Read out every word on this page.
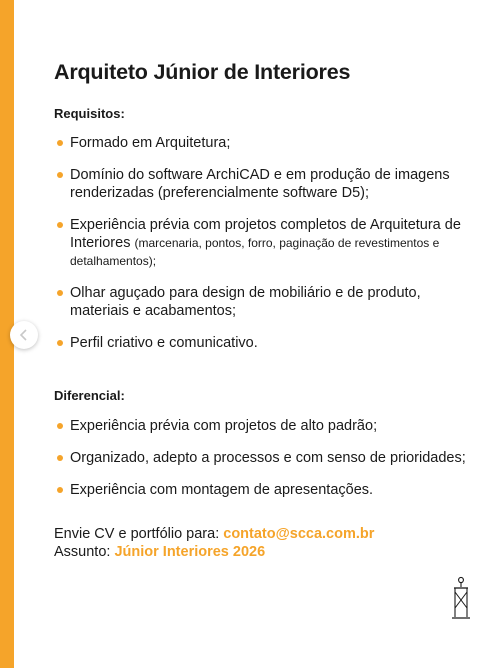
Arquiteto Júnior de Interiores

Requisitos:

Formado em Arquitetura;
Domínio do software ArchiCAD e em produção de imagens renderizadas (preferencialmente software D5);
Experiência prévia com projetos completos de Arquitetura de Interiores (marcenaria, pontos, forro, paginação de revestimentos e detalhamentos);
Olhar aguçado para design de mobiliário e de produto, materiais e acabamentos;
Perfil criativo e comunicativo.

Diferencial:

Experiência prévia com projetos de alto padrão;
Organizado, adepto a processos e com senso de prioridades;
Experiência com montagem de apresentações.
Envie CV e portfólio para: contato@scca.com.br
Assunto: Júnior Interiores 2026
